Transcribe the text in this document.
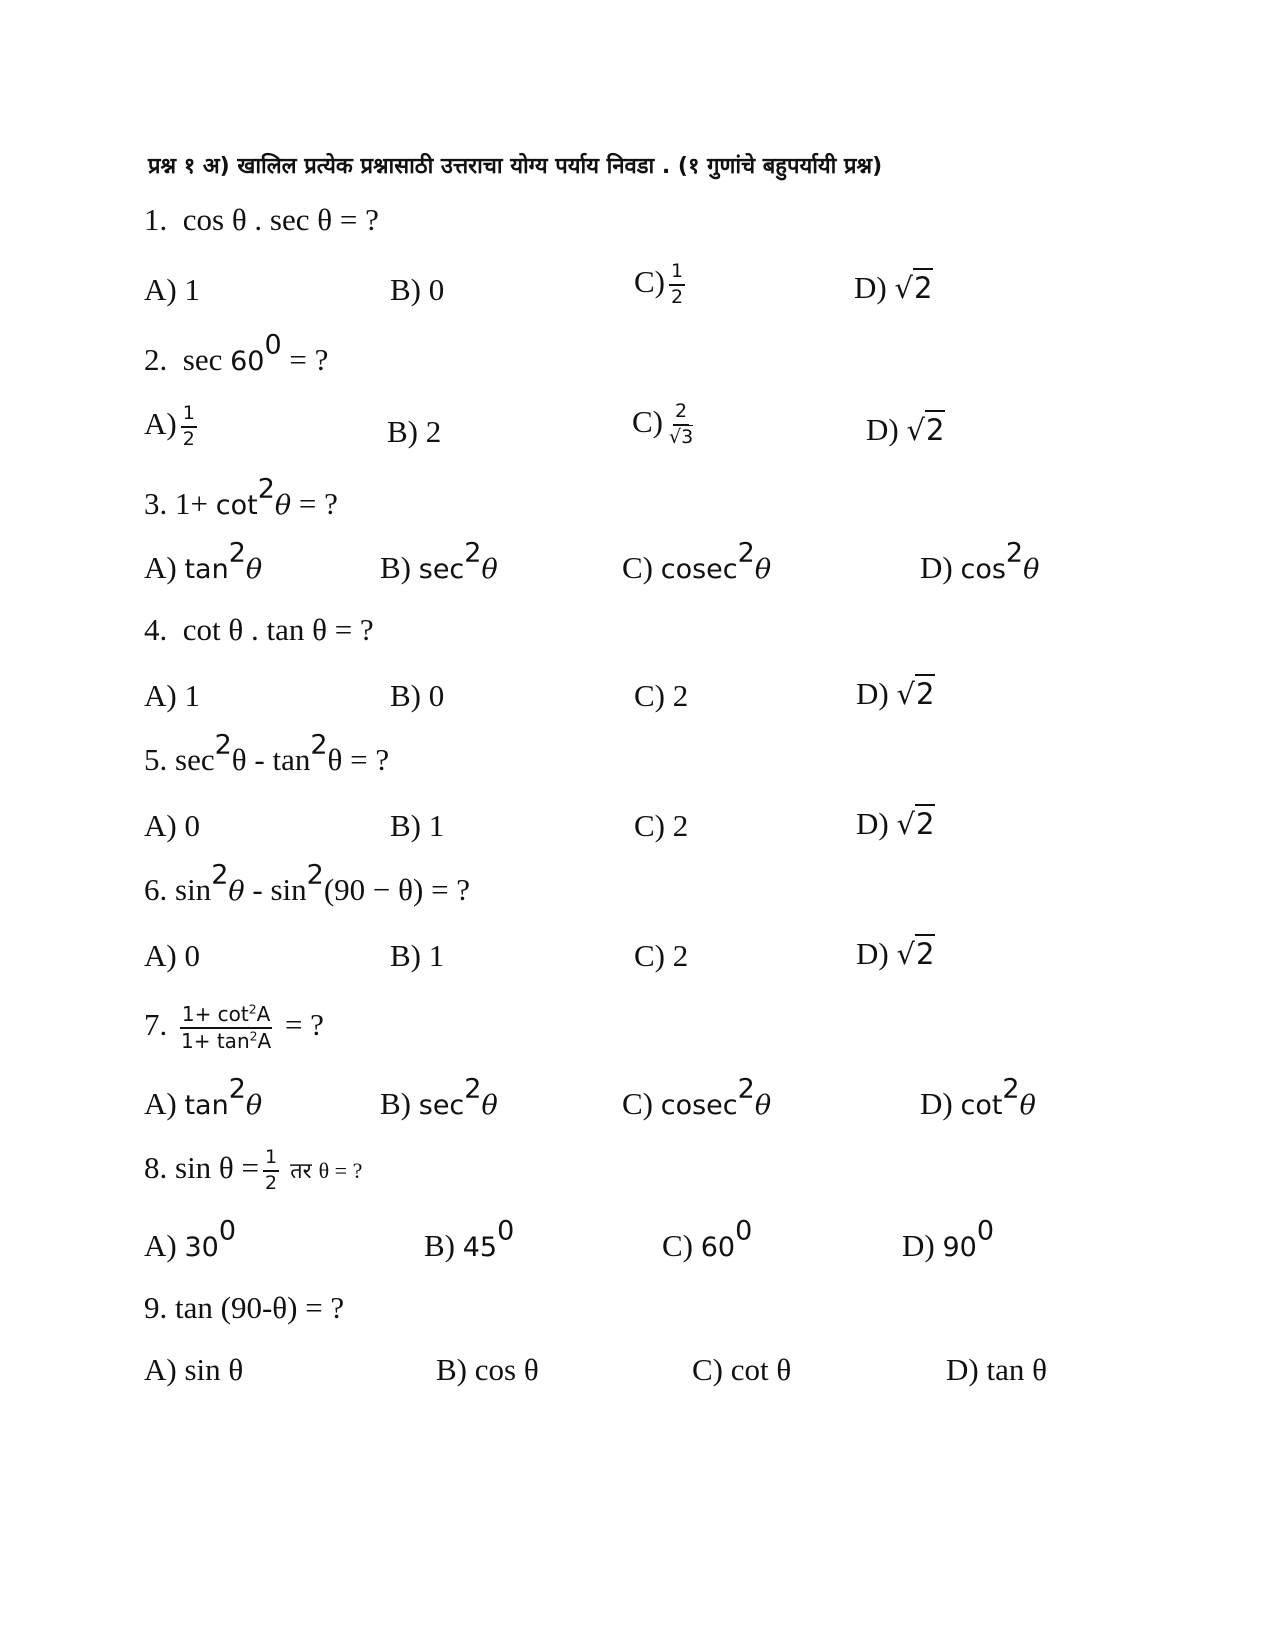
प्रश्न १ अ) खालिल प्रत्येक प्रश्नासाठी उत्तराचा योग्य पर्याय निवडा . (१ गुणांचे बहुपर्यायी प्रश्न)
1. cos θ . sec θ = ?
A) 1	B) 0	$C) \frac{1}{2}$	D) √2
2. $\sec 60^0$ = ?
$A) \frac{1}{2}$	B) 2	$C) \frac{2}{√3}$	D) √2
3. $1+ \cot^2\theta$ = ?
A) $\tan^2\theta$	B) $\sec^2\theta$	C) cosec$^2$θ	D) $\cos^2\theta$
4. cot θ . tan θ = ?
A) 1	B) 0	C) 2	D) √2
5. $\sec^2\theta - \tan^2\theta$ = ?
A) 0	B) 1	C) 2	D) √2
6. $\sin^2\theta - \sin^2(90 - \theta)$ = ?
A) 0	B) 1	C) 2	D) √2
7. $\frac{1+ \cot^2A}{1+ \tan^2A}$ = ?
A) $\tan^2\theta$	B) $\sec^2\theta$	C) cosec$^2$θ	D) $\cot^2\theta$
8. $\sin \theta = \frac{1}{2}$ तर θ = ?
A) $30^0$	B) $45^0$	C) $60^0$	D) $90^0$
9. tan (90-θ) = ?
A) sin θ	B) cos θ	C) cot θ	D) tan θ
